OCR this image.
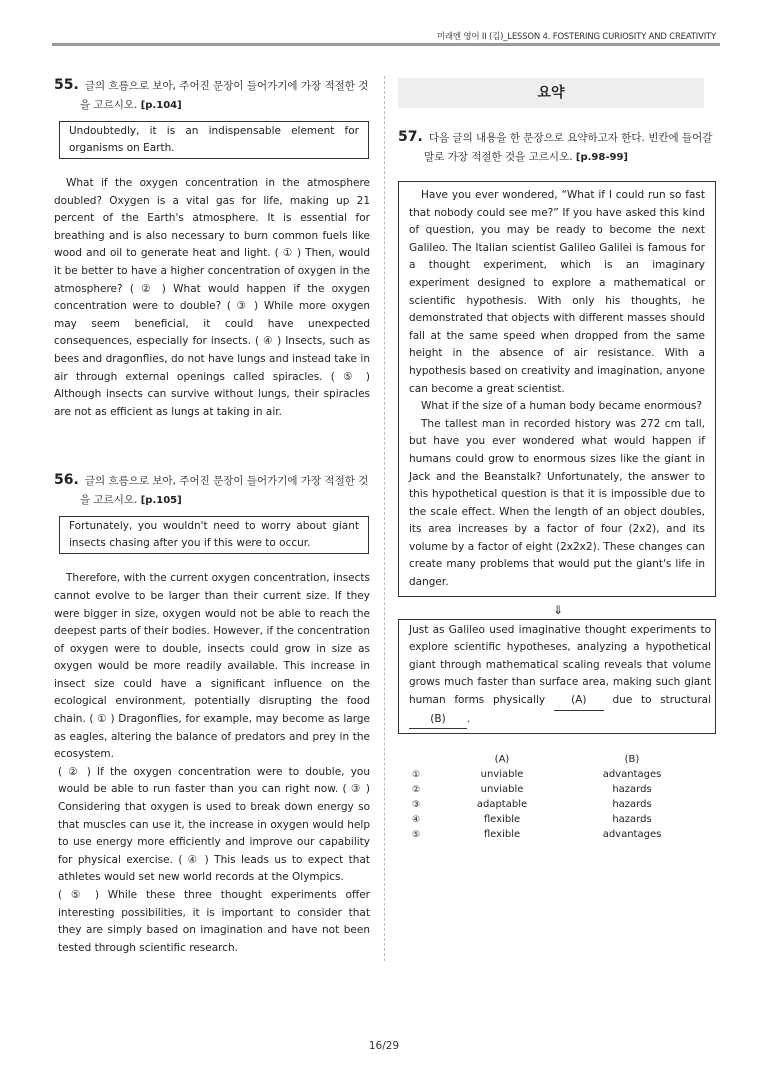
미래엔 영어 II (김)_LESSON 4. FOSTERING CURIOSITY AND CREATIVITY

55. 글의 흐름으로 보아, 주어진 문장이 들어가기에 가장 적절한 것을 고르시오. [p.104]

Undoubtedly, it is an indispensable element for organisms on Earth.

What if the oxygen concentration in the atmosphere doubled? Oxygen is a vital gas for life, making up 21 percent of the Earth's atmosphere. It is essential for breathing and is also necessary to burn common fuels like wood and oil to generate heat and light. ( ① ) Then, would it be better to have a higher concentration of oxygen in the atmosphere? ( ② ) What would happen if the oxygen concentration were to double? ( ③ ) While more oxygen may seem beneficial, it could have unexpected consequences, especially for insects. ( ④ ) Insects, such as bees and dragonflies, do not have lungs and instead take in air through external openings called spiracles. ( ⑤ ) Although insects can survive without lungs, their spiracles are not as efficient as lungs at taking in air.

56. 글의 흐름으로 보아, 주어진 문장이 들어가기에 가장 적절한 것을 고르시오. [p.105]

Fortunately, you wouldn't need to worry about giant insects chasing after you if this were to occur.

Therefore, with the current oxygen concentration, insects cannot evolve to be larger than their current size. If they were bigger in size, oxygen would not be able to reach the deepest parts of their bodies. However, if the concentration of oxygen were to double, insects could grow in size as oxygen would be more readily available. This increase in insect size could have a significant influence on the ecological environment, potentially disrupting the food chain. ( ① ) Dragonflies, for example, may become as large as eagles, altering the balance of predators and prey in the ecosystem.

( ② ) If the oxygen concentration were to double, you would be able to run faster than you can right now. ( ③ ) Considering that oxygen is used to break down energy so that muscles can use it, the increase in oxygen would help to use energy more efficiently and improve our capability for physical exercise. ( ④ ) This leads us to expect that athletes would set new world records at the Olympics.

( ⑤ ) While these three thought experiments offer interesting possibilities, it is important to consider that they are simply based on imagination and have not been tested through scientific research.

요약

57. 다음 글의 내용을 한 문장으로 요약하고자 한다. 빈칸에 들어갈 말로 가장 적절한 것을 고르시오. [p.98-99]

Have you ever wondered, “What if I could run so fast that nobody could see me?” If you have asked this kind of question, you may be ready to become the next Galileo. The Italian scientist Galileo Galilei is famous for a thought experiment, which is an imaginary experiment designed to explore a mathematical or scientific hypothesis. With only his thoughts, he demonstrated that objects with different masses should fall at the same speed when dropped from the same height in the absence of air resistance. With a hypothesis based on creativity and imagination, anyone can become a great scientist.

What if the size of a human body became enormous?

The tallest man in recorded history was 272 cm tall, but have you ever wondered what would happen if humans could grow to enormous sizes like the giant in Jack and the Beanstalk? Unfortunately, the answer to this hypothetical question is that it is impossible due to the scale effect. When the length of an object doubles, its area increases by a factor of four (2x2), and its volume by a factor of eight (2x2x2). These changes can create many problems that would put the giant's life in danger.

⇓
Just as Galileo used imaginative thought experiments to explore scientific hypotheses, analyzing a hypothetical giant through mathematical scaling reveals that volume grows much faster than surface area, making such giant human forms physically (A) due to structural (B) .
	(A)	(B)
①	unviable	advantages
②	unviable	hazards
③	adaptable	hazards
④	flexible	hazards
⑤	flexible	advantages
16/29
